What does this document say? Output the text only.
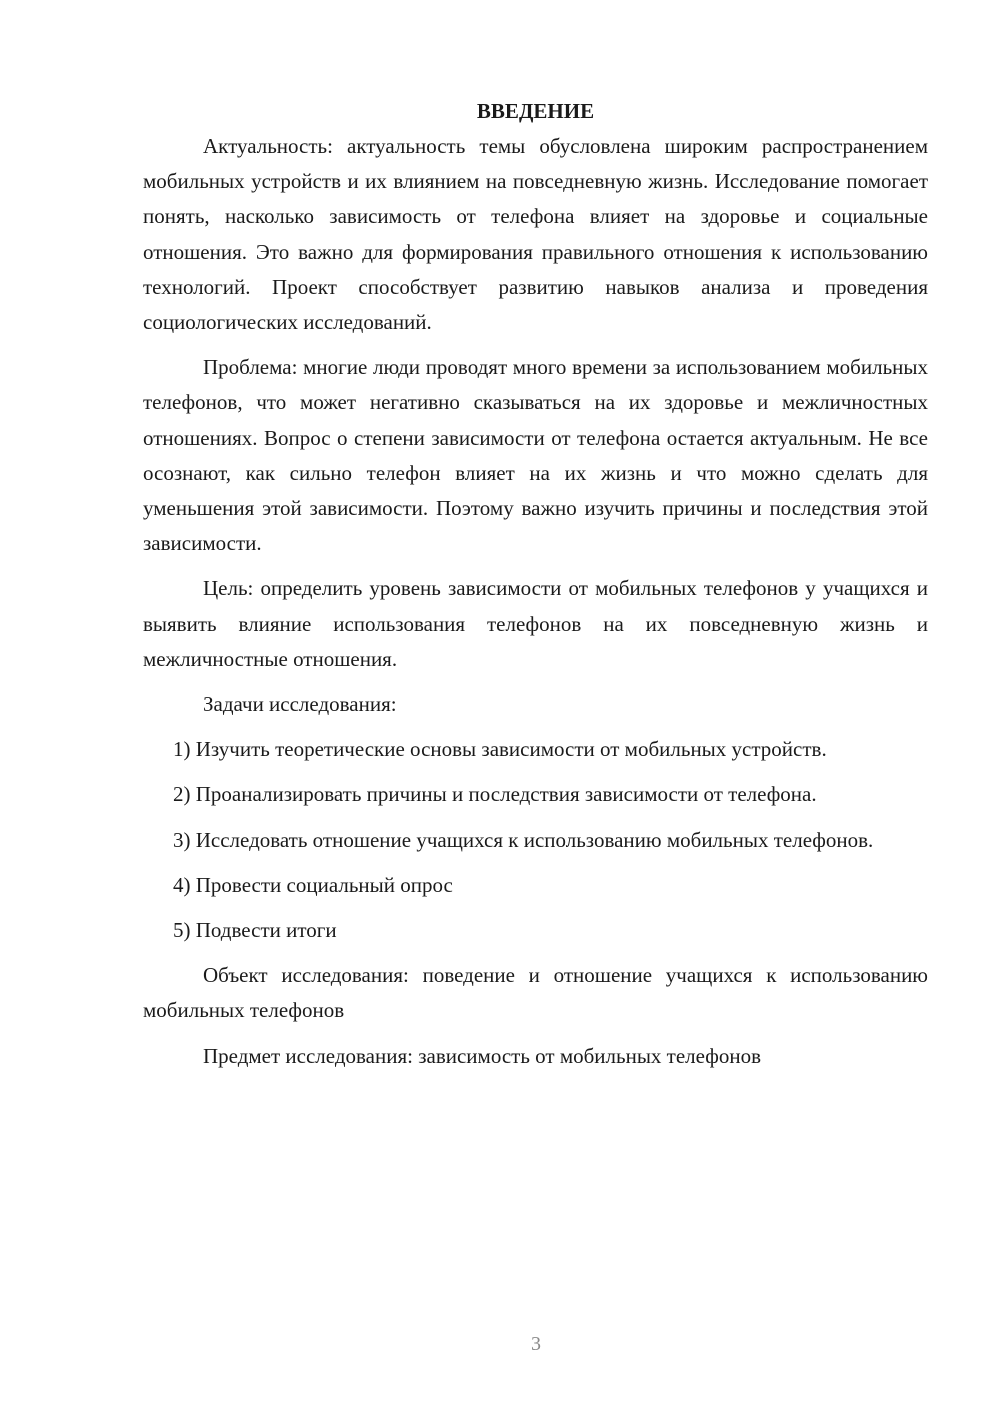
ВВЕДЕНИЕ

Актуальность: актуальность темы обусловлена широким распространением мобильных устройств и их влиянием на повседневную жизнь. Исследование помогает понять, насколько зависимость от телефона влияет на здоровье и социальные отношения. Это важно для формирования правильного отношения к использованию технологий. Проект способствует развитию навыков анализа и проведения социологических исследований.

Проблема: многие люди проводят много времени за использованием мобильных телефонов, что может негативно сказываться на их здоровье и межличностных отношениях. Вопрос о степени зависимости от телефона остается актуальным. Не все осознают, как сильно телефон влияет на их жизнь и что можно сделать для уменьшения этой зависимости. Поэтому важно изучить причины и последствия этой зависимости.

Цель: определить уровень зависимости от мобильных телефонов у учащихся и выявить влияние использования телефонов на их повседневную жизнь и межличностные отношения.

Задачи исследования:

1) Изучить теоретические основы зависимости от мобильных устройств.

2) Проанализировать причины и последствия зависимости от телефона.

3) Исследовать отношение учащихся к использованию мобильных телефонов.

4) Провести социальный опрос

5) Подвести итоги

Объект исследования: поведение и отношение учащихся к использованию мобильных телефонов

Предмет исследования: зависимость от мобильных телефонов

3
